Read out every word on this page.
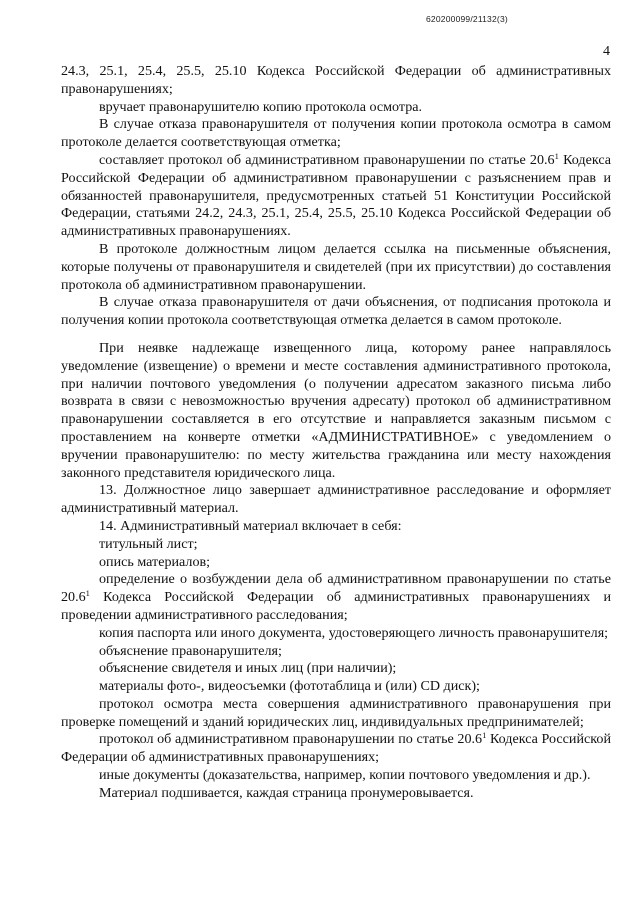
620200099/21132(3)
4

24.3, 25.1, 25.4, 25.5, 25.10 Кодекса Российской Федерации об административных правонарушениях;

вручает правонарушителю копию протокола осмотра.

В случае отказа правонарушителя от получения копии протокола осмотра в самом протоколе делается соответствующая отметка;

составляет протокол об административном правонарушении по статье 20.6$^1$ Кодекса Российской Федерации об административном правонарушении с разъяснением прав и обязанностей правонарушителя, предусмотренных статьей 51 Конституции Российской Федерации, статьями 24.2, 24.3, 25.1, 25.4, 25.5, 25.10 Кодекса Российской Федерации об административных правонарушениях.

В протоколе должностным лицом делается ссылка на письменные объяснения, которые получены от правонарушителя и свидетелей (при их присутствии) до составления протокола об административном правонарушении.

В случае отказа правонарушителя от дачи объяснения, от подписания протокола и получения копии протокола соответствующая отметка делается в самом протоколе.

При неявке надлежаще извещенного лица, которому ранее направлялось уведомление (извещение) о времени и месте составления административного протокола, при наличии почтового уведомления (о получении адресатом заказного письма либо возврата в связи с невозможностью вручения адресату) протокол об административном правонарушении составляется в его отсутствие и направляется заказным письмом с проставлением на конверте отметки «АДМИНИСТРАТИВНОЕ» с уведомлением о вручении правонарушителю: по месту жительства гражданина или месту нахождения законного представителя юридического лица.

13. Должностное лицо завершает административное расследование и оформляет административный материал.

14. Административный материал включает в себя:

титульный лист;

опись материалов;

определение о возбуждении дела об административном правонарушении по статье 20.6$^1$ Кодекса Российской Федерации об административных правонарушениях и проведении административного расследования;

копия паспорта или иного документа, удостоверяющего личность правонарушителя;

объяснение правонарушителя;

объяснение свидетеля и иных лиц (при наличии);

материалы фото-, видеосъемки (фототаблица и (или) CD диск);

протокол осмотра места совершения административного правонарушения при проверке помещений и зданий юридических лиц, индивидуальных предпринимателей;

протокол об административном правонарушении по статье 20.6$^1$ Кодекса Российской Федерации об административных правонарушениях;

иные документы (доказательства, например, копии почтового уведомления и др.).

Материал подшивается, каждая страница пронумеровывается.
